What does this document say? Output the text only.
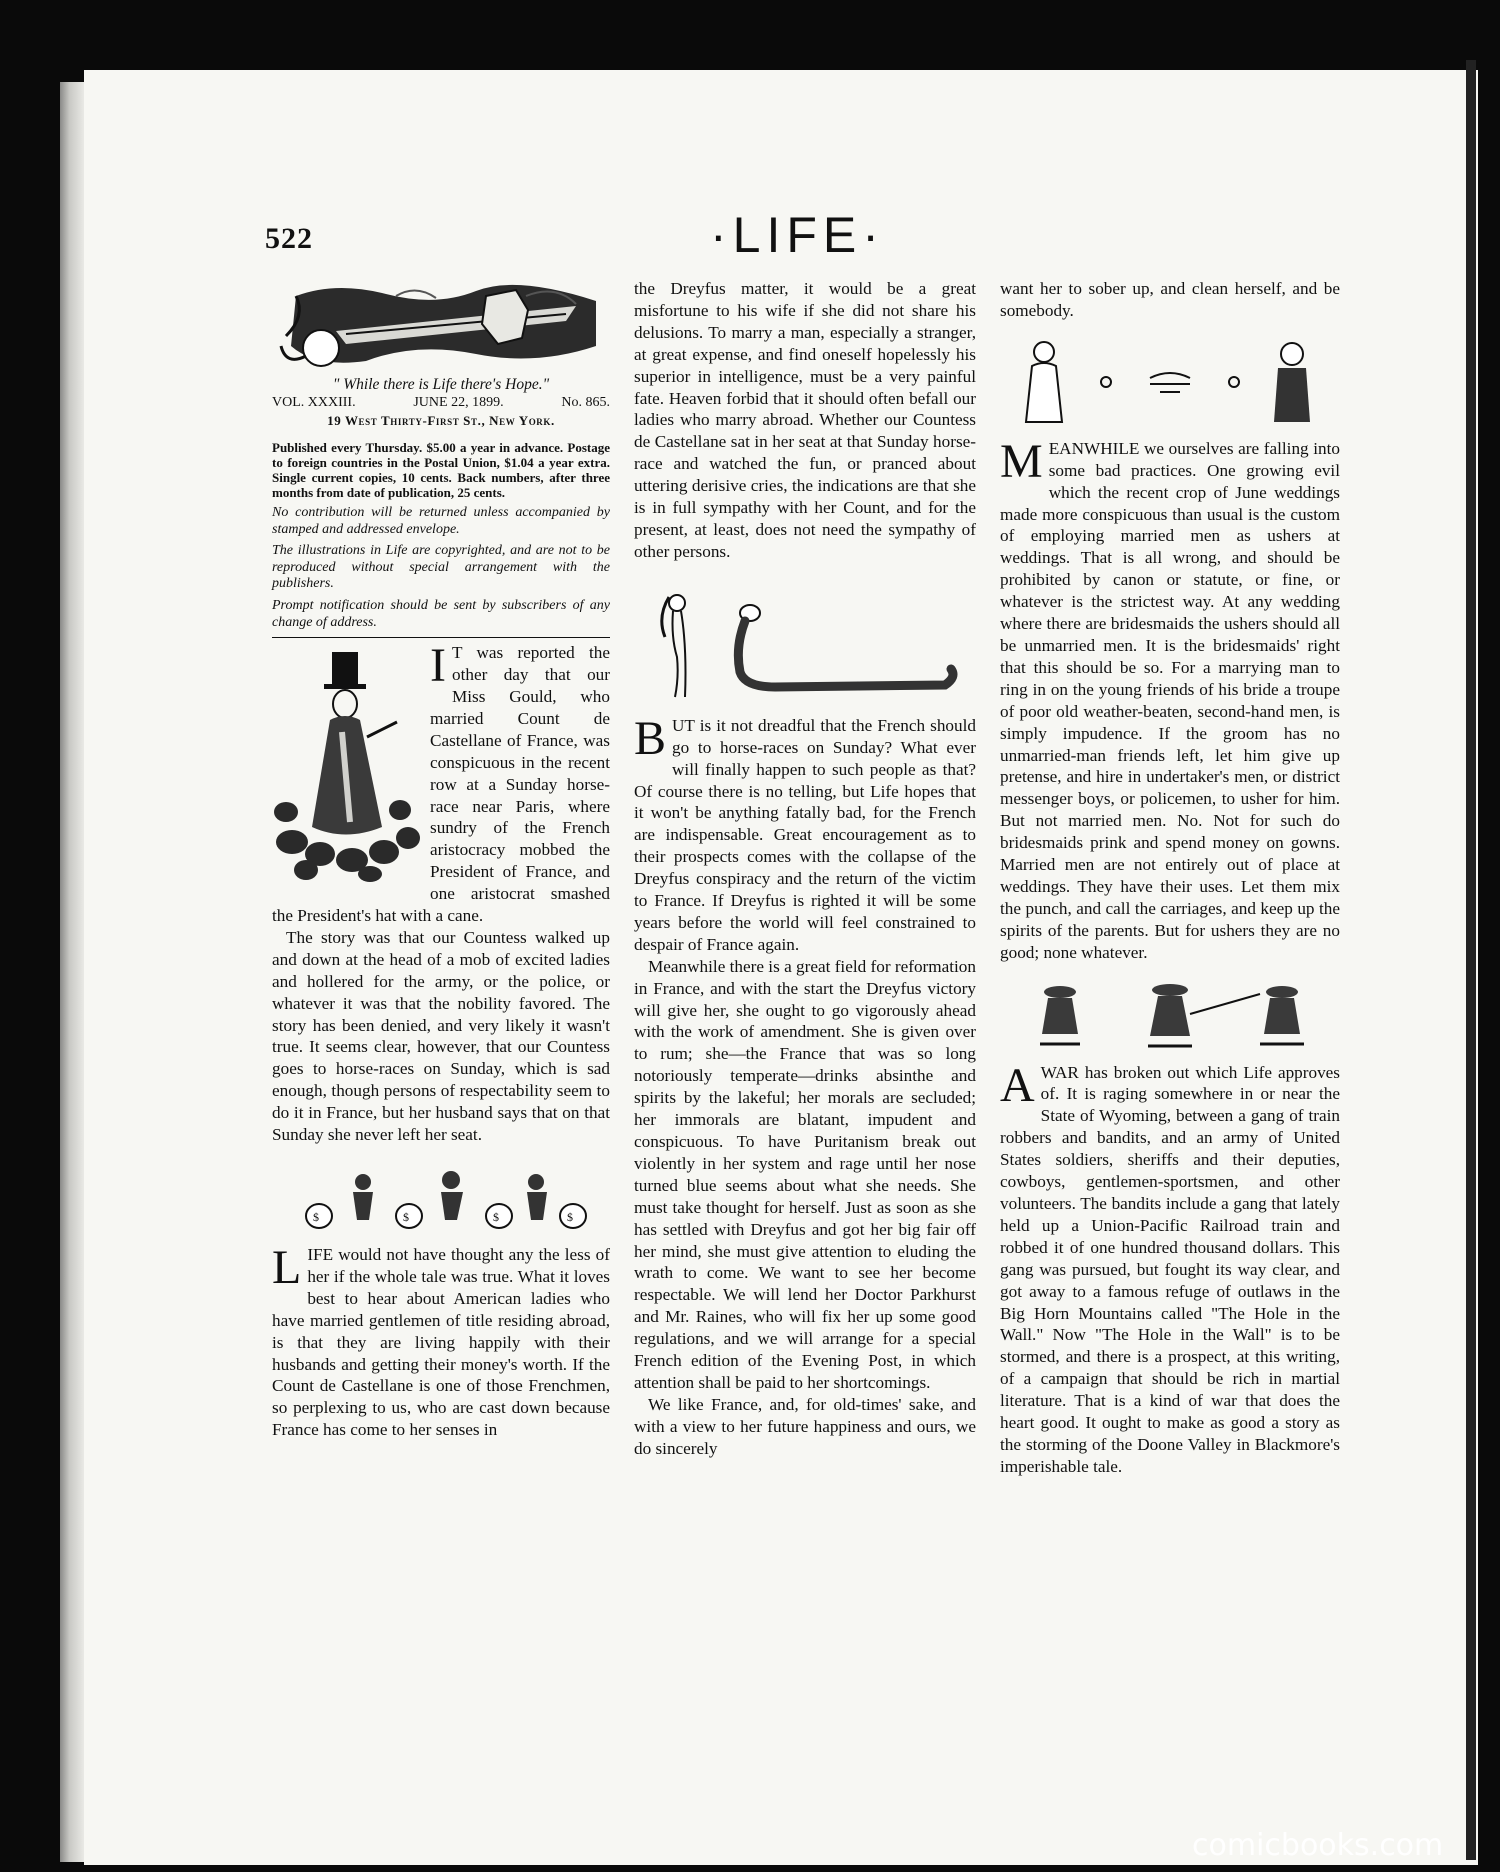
522	·LIFE·
" While there is Life there's Hope."
VOL. XXXIII.	JUNE 22, 1899.	No. 865.
19 West Thirty-First St., New York.
Published every Thursday. $5.00 a year in advance. Postage to foreign countries in the Postal Union, $1.04 a year extra. Single current copies, 10 cents. Back numbers, after three months from date of publication, 25 cents.
No contribution will be returned unless accompanied by stamped and addressed envelope.
The illustrations in Life are copyrighted, and are not to be reproduced without special arrangement with the publishers.
Prompt notification should be sent by subscribers of any change of address.

I T was reported the other day that our Miss Gould, who married Count de Castellane of France, was conspicuous in the recent row at a Sunday horse-race near Paris, where sundry of the French aristocracy mobbed the President of France, and one aristocrat smashed the President's hat with a cane.

The story was that our Countess walked up and down at the head of a mob of excited ladies and hollered for the army, or the police, or whatever it was that the nobility favored. The story has been denied, and very likely it wasn't true. It seems clear, however, that our Countess goes to horse-races on Sunday, which is sad enough, though persons of respectability seem to do it in France, but her husband says that on that Sunday she never left her seat.

$	$	$	$

LIFE would not have thought any the less of her if the whole tale was true. What it loves best to hear about American ladies who have married gentlemen of title residing abroad, is that they are living happily with their husbands and getting their money's worth. If the Count de Castellane is one of those Frenchmen, so perplexing to us, who are cast down because France has come to her senses in

the Dreyfus matter, it would be a great misfortune to his wife if she did not share his delusions. To marry a man, especially a stranger, at great expense, and find oneself hopelessly his superior in intelligence, must be a very painful fate. Heaven forbid that it should often befall our ladies who marry abroad. Whether our Countess de Castellane sat in her seat at that Sunday horse-race and watched the fun, or pranced about uttering derisive cries, the indications are that she is in full sympathy with her Count, and for the present, at least, does not need the sympathy of other persons.

BUT is it not dreadful that the French should go to horse-races on Sunday? What ever will finally happen to such people as that? Of course there is no telling, but Life hopes that it won't be anything fatally bad, for the French are indispensable. Great encouragement as to their prospects comes with the collapse of the Dreyfus conspiracy and the return of the victim to France. If Dreyfus is righted it will be some years before the world will feel constrained to despair of France again.

Meanwhile there is a great field for reformation in France, and with the start the Dreyfus victory will give her, she ought to go vigorously ahead with the work of amendment. She is given over to rum; she—the France that was so long notoriously temperate—drinks absinthe and spirits by the lakeful; her morals are secluded; her immorals are blatant, impudent and conspicuous. To have Puritanism break out violently in her system and rage until her nose turned blue seems about what she needs. She must take thought for herself. Just as soon as she has settled with Dreyfus and got her big fair off her mind, she must give attention to eluding the wrath to come. We want to see her become respectable. We will lend her Doctor Parkhurst and Mr. Raines, who will fix her up some good regulations, and we will arrange for a special French edition of the Evening Post, in which attention shall be paid to her shortcomings.

We like France, and, for old-times' sake, and with a view to her future happiness and ours, we do sincerely

want her to sober up, and clean herself, and be somebody.

MEANWHILE we ourselves are falling into some bad practices. One growing evil which the recent crop of June weddings made more conspicuous than usual is the custom of employing married men as ushers at weddings. That is all wrong, and should be prohibited by canon or statute, or fine, or whatever is the strictest way. At any wedding where there are bridesmaids the ushers should all be unmarried men. It is the bridesmaids' right that this should be so. For a marrying man to ring in on the young friends of his bride a troupe of poor old weather-beaten, second-hand men, is simply impudence. If the groom has no unmarried-man friends left, let him give up pretense, and hire in undertaker's men, or district messenger boys, or policemen, to usher for him. But not married men. No. Not for such do bridesmaids prink and spend money on gowns. Married men are not entirely out of place at weddings. They have their uses. Let them mix the punch, and call the carriages, and keep up the spirits of the parents. But for ushers they are no good; none whatever.

AWAR has broken out which Life approves of. It is raging somewhere in or near the State of Wyoming, between a gang of train robbers and bandits, and an army of United States soldiers, sheriffs and their deputies, cowboys, gentlemen-sportsmen, and other volunteers. The bandits include a gang that lately held up a Union-Pacific Railroad train and robbed it of one hundred thousand dollars. This gang was pursued, but fought its way clear, and got away to a famous refuge of outlaws in the Big Horn Mountains called "The Hole in the Wall." Now "The Hole in the Wall" is to be stormed, and there is a prospect, at this writing, of a campaign that should be rich in martial literature. That is a kind of war that does the heart good. It ought to make as good a story as the storming of the Doone Valley in Blackmore's imperishable tale.

comicbooks.com
